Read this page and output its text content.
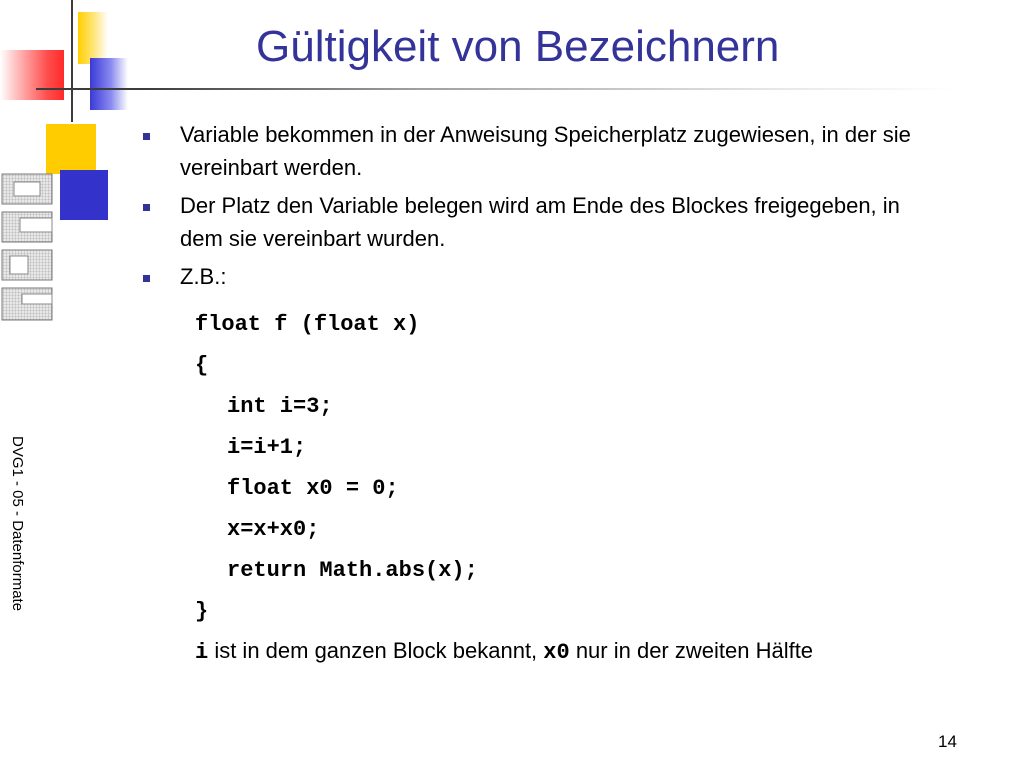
DVG1 - 05 - Datenformate
Gültigkeit von Bezeichnern
Variable bekommen in der Anweisung Speicherplatz zugewiesen, in der sie vereinbart werden.
Der Platz den Variable belegen wird am Ende des Blockes freigegeben, in dem sie vereinbart wurden.
Z.B.:
float f (float x)
{
int i=3;
i=i+1;
float x0 = 0;
x=x+x0;
return Math.abs(x);
}
i ist in dem ganzen Block bekannt, x0 nur in der zweiten Hälfte
14
